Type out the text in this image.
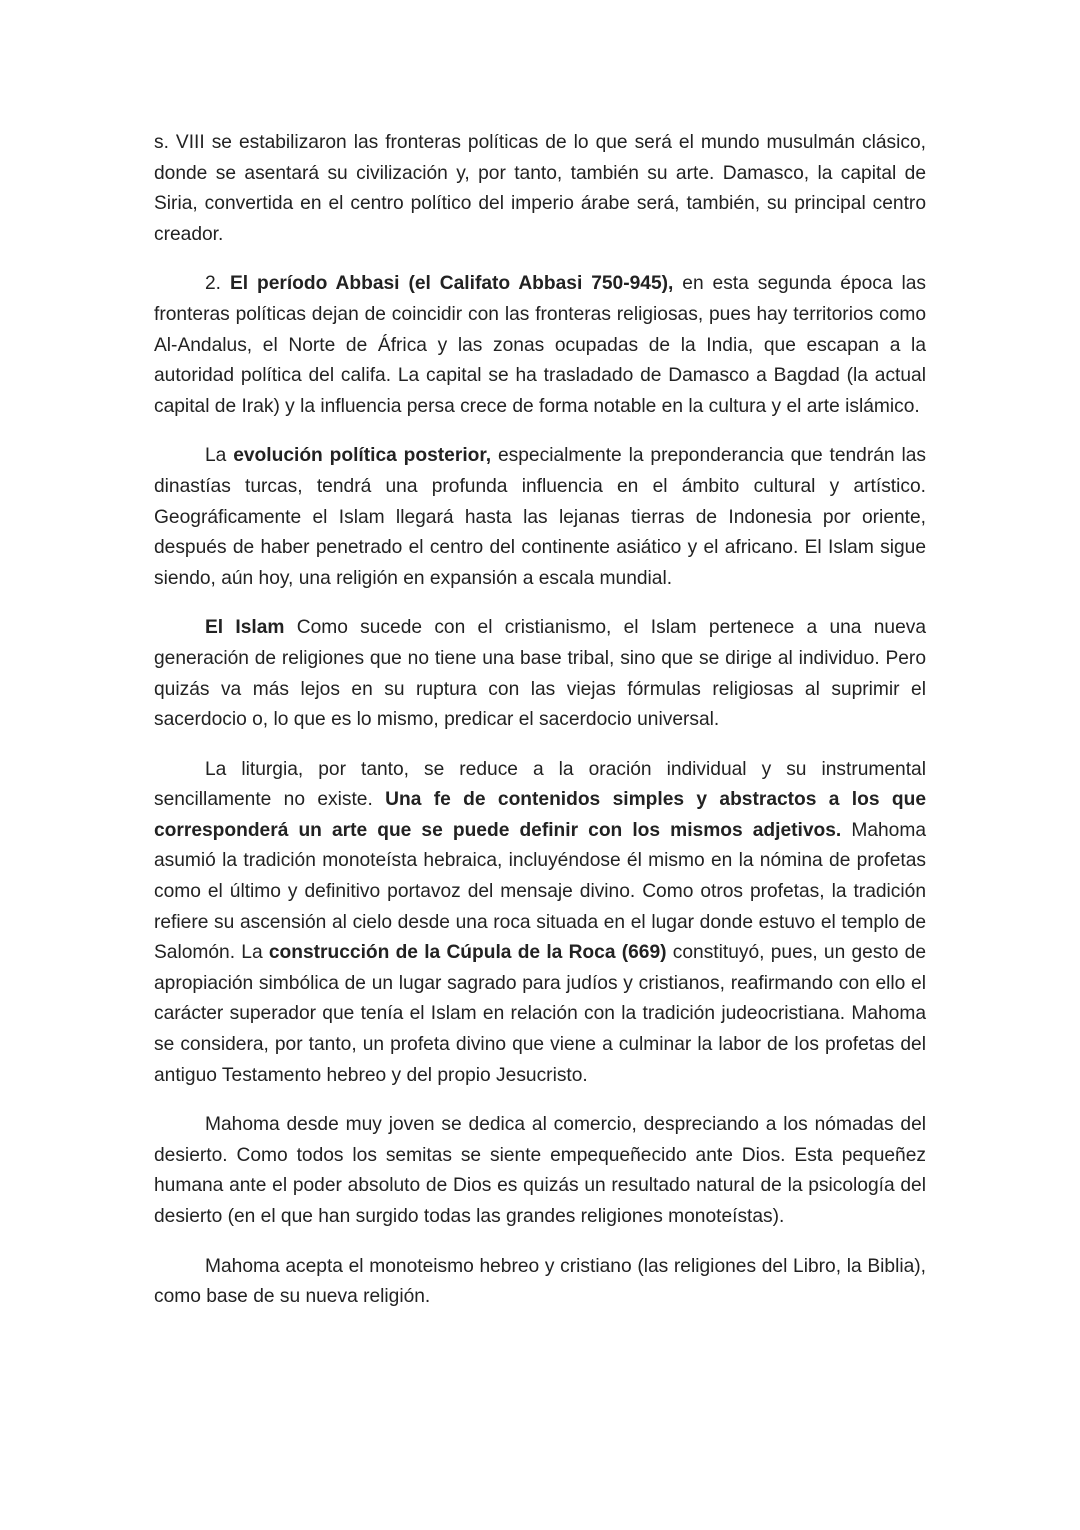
s. VIII se estabilizaron las fronteras políticas de lo que será el mundo musulmán clásico, donde se asentará su civilización y, por tanto, también su arte. Damasco, la capital de Siria, convertida en el centro político del imperio árabe será, también, su principal centro creador.

2. El período Abbasi (el Califato Abbasi 750-945), en esta segunda época las fronteras políticas dejan de coincidir con las fronteras religiosas, pues hay territorios como Al-Andalus, el Norte de África y las zonas ocupadas de la India, que escapan a la autoridad política del califa. La capital se ha trasladado de Damasco a Bagdad (la actual capital de Irak) y la influencia persa crece de forma notable en la cultura y el arte islámico.

La evolución política posterior, especialmente la preponderancia que tendrán las dinastías turcas, tendrá una profunda influencia en el ámbito cultural y artístico. Geográficamente el Islam llegará hasta las lejanas tierras de Indonesia por oriente, después de haber penetrado el centro del continente asiático y el africano. El Islam sigue siendo, aún hoy, una religión en expansión a escala mundial.

El Islam Como sucede con el cristianismo, el Islam pertenece a una nueva generación de religiones que no tiene una base tribal, sino que se dirige al individuo. Pero quizás va más lejos en su ruptura con las viejas fórmulas religiosas al suprimir el sacerdocio o, lo que es lo mismo, predicar el sacerdocio universal.

La liturgia, por tanto, se reduce a la oración individual y su instrumental sencillamente no existe. Una fe de contenidos simples y abstractos a los que corresponderá un arte que se puede definir con los mismos adjetivos. Mahoma asumió la tradición monoteísta hebraica, incluyéndose él mismo en la nómina de profetas como el último y definitivo portavoz del mensaje divino. Como otros profetas, la tradición refiere su ascensión al cielo desde una roca situada en el lugar donde estuvo el templo de Salomón. La construcción de la Cúpula de la Roca (669) constituyó, pues, un gesto de apropiación simbólica de un lugar sagrado para judíos y cristianos, reafirmando con ello el carácter superador que tenía el Islam en relación con la tradición judeocristiana. Mahoma se considera, por tanto, un profeta divino que viene a culminar la labor de los profetas del antiguo Testamento hebreo y del propio Jesucristo.

Mahoma desde muy joven se dedica al comercio, despreciando a los nómadas del desierto. Como todos los semitas se siente empequeñecido ante Dios. Esta pequeñez humana ante el poder absoluto de Dios es quizás un resultado natural de la psicología del desierto (en el que han surgido todas las grandes religiones monoteístas).

Mahoma acepta el monoteismo hebreo y cristiano (las religiones del Libro, la Biblia), como base de su nueva religión.
